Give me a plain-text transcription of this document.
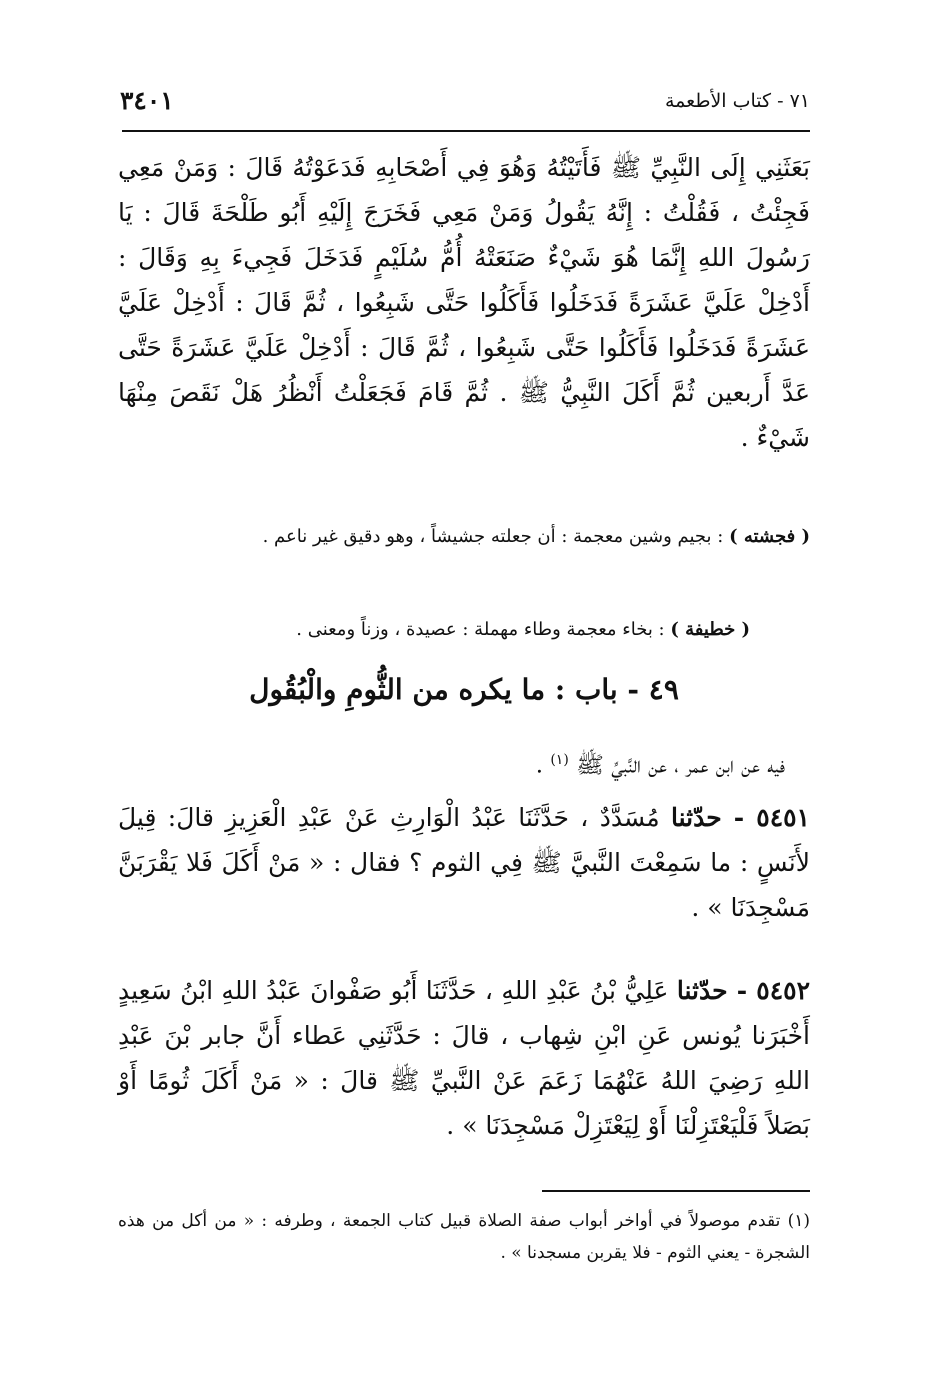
٧١ - كتاب الأطعمة
٣٤٠١

بَعَثَنِي إِلَى النَّبِيِّ ﷺ فَأَتَيْتُهُ وَهُوَ فِي أَصْحَابِهِ فَدَعَوْتُهُ قَالَ : وَمَنْ مَعِي فَجِئْتُ ، فَقُلْتُ : إِنَّهُ يَقُولُ وَمَنْ مَعِي فَخَرَجَ إِلَيْهِ أَبُو طَلْحَةَ قَالَ : يَا رَسُولَ اللهِ إِنَّمَا هُوَ شَيْءٌ صَنَعَتْهُ أُمُّ سُلَيْمٍ فَدَخَلَ فَجِيءَ بِهِ وَقَالَ : أَدْخِلْ عَلَيَّ عَشَرَةً فَدَخَلُوا فَأَكَلُوا حَتَّى شَبِعُوا ، ثُمَّ قَالَ : أَدْخِلْ عَلَيَّ عَشَرَةً فَدَخَلُوا فَأَكَلُوا حَتَّى شَبِعُوا ، ثُمَّ قَالَ : أَدْخِلْ عَلَيَّ عَشَرَةً حَتَّى عَدَّ أَربعين ثُمَّ أَكَلَ النَّبِيُّ ﷺ . ثُمَّ قَامَ فَجَعَلْتُ أَنْظُرُ هَلْ نَقَصَ مِنْهَا شَيْءٌ .

( فجشته ) : بجيم وشين معجمة : أن جعلته جشيشاً ، وهو دقيق غير ناعم .
( خطيفة ) : بخاء معجمة وطاء مهملة : عصيدة ، وزناً ومعنى .
٤٩ - باب : ما يكره من الثُّومِ والْبُقُول
فيه عن ابن عمر ، عن النَّبيِّ ﷺ $^{(١)}$ .
٥٤٥١ - حدّثنا مُسَدَّدٌ ، حَدَّثَنَا عَبْدُ الْوَارِثِ عَنْ عَبْدِ الْعَزِيزِ قالَ: قِيلَ لأَنَسٍ : ما سَمِعْتَ النَّبيَّ ﷺ فِي الثوم ؟ فقال : « مَنْ أَكَلَ فَلا يَقْرَبَنَّ مَسْجِدَنَا » .
٥٤٥٢ - حدّثنا عَلِيُّ بْنُ عَبْدِ اللهِ ، حَدَّثَنَا أَبُو صَفْوانَ عَبْدُ اللهِ ابْنُ سَعِيدٍ أَخْبَرَنا يُونس عَنِ ابْنِ شِهاب ، قالَ : حَدَّثَنِي عَطاء أَنَّ جابر بْنَ عَبْدِ اللهِ رَضِيَ اللهُ عَنْهُمَا زَعَمَ عَنْ النَّبيِّ ﷺ قالَ : « مَنْ أَكَلَ ثُومًا أَوْ بَصَلاً فَلْيَعْتَزِلْنَا أَوْ لِيَعْتَزِلْ مَسْجِدَنَا » .
(١) تقدم موصولاً في أواخر أبواب صفة الصلاة قبيل كتاب الجمعة ، وطرفه : « من أكل من هذه الشجرة - يعني الثوم - فلا يقربن مسجدنا » .
